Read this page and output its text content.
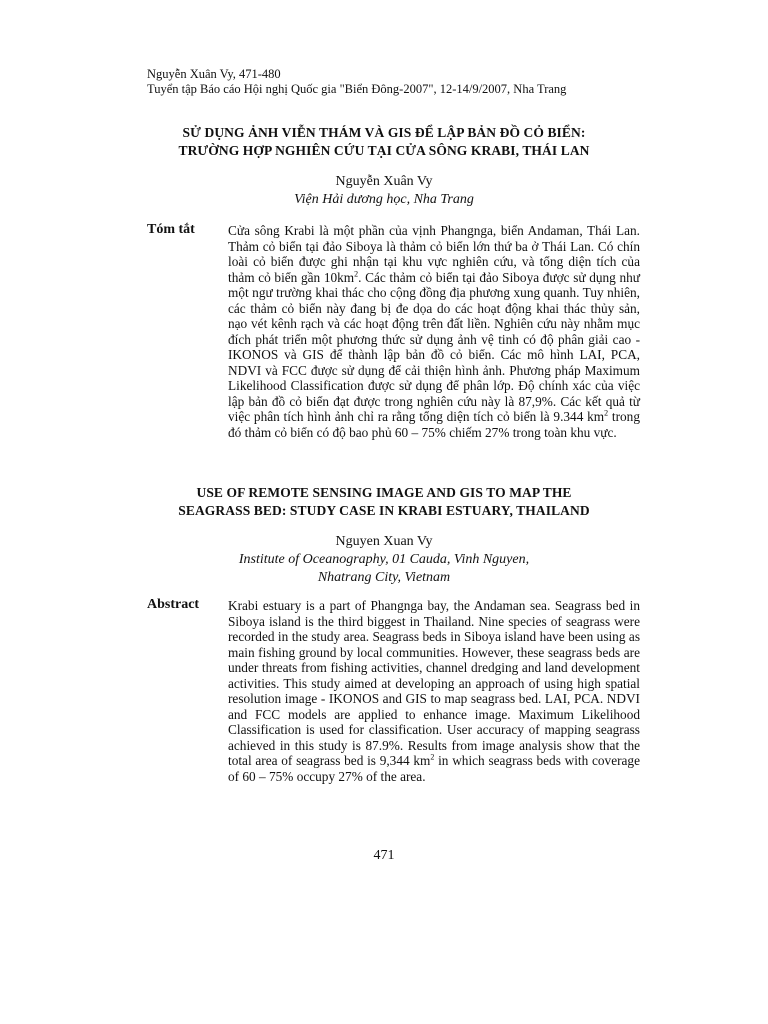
Nguyễn Xuân Vy, 471-480
Tuyển tập Báo cáo Hội nghị Quốc gia "Biển Đông-2007", 12-14/9/2007, Nha Trang
SỬ DỤNG ẢNH VIỄN THÁM VÀ GIS ĐỂ LẬP BẢN ĐỒ CỎ BIỂN:
TRƯỜNG HỢP NGHIÊN CỨU TẠI CỬA SÔNG KRABI, THÁI LAN
Nguyễn Xuân Vy
Viện Hải dương học, Nha Trang
Tóm tắt Cửa sông Krabi là một phần của vịnh Phangnga, biển Andaman, Thái Lan. Thảm cỏ biển tại đảo Siboya là thảm cỏ biển lớn thứ ba ở Thái Lan. Có chín loài cỏ biển được ghi nhận tại khu vực nghiên cứu, và tổng diện tích của thảm cỏ biển gần $10km^2$. Các thảm cỏ biển tại đảo Siboya được sử dụng như một ngư trường khai thác cho cộng đồng địa phương xung quanh. Tuy nhiên, các thảm cỏ biển này đang bị đe dọa do các hoạt động khai thác thủy sản, nạo vét kênh rạch và các hoạt động trên đất liền. Nghiên cứu này nhằm mục đích phát triển một phương thức sử dụng ảnh vệ tinh có độ phân giải cao - IKONOS và GIS để thành lập bản đồ cỏ biển. Các mô hình LAI, PCA, NDVI và FCC được sử dụng để cải thiện hình ảnh. Phương pháp Maximum Likelihood Classification được sử dụng để phân lớp. Độ chính xác của việc lập bản đồ cỏ biển đạt được trong nghiên cứu này là 87,9%. Các kết quả từ việc phân tích hình ảnh chỉ ra rằng tổng diện tích cỏ biển là 9.344 $km^2$ trong đó thảm cỏ biển có độ bao phủ 60 – 75% chiếm 27% trong toàn khu vực.

USE OF REMOTE SENSING IMAGE AND GIS TO MAP THE
SEAGRASS BED: STUDY CASE IN KRABI ESTUARY, THAILAND
Nguyen Xuan Vy
Institute of Oceanography, 01 Cauda, Vinh Nguyen,
Nhatrang City, Vietnam
Abstract Krabi estuary is a part of Phangnga bay, the Andaman sea. Seagrass bed in Siboya island is the third biggest in Thailand. Nine species of seagrass were recorded in the study area. Seagrass beds in Siboya island have been using as main fishing ground by local communities. However, these seagrass beds are under threats from fishing activities, channel dredging and land development activities. This study aimed at developing an approach of using high spatial resolution image - IKONOS and GIS to map seagrass bed. LAI, PCA. NDVI and FCC models are applied to enhance image. Maximum Likelihood Classification is used for classification. User accuracy of mapping seagrass achieved in this study is 87.9%. Results from image analysis show that the total area of seagrass bed is 9,344 $km^2$ in which seagrass beds with coverage of 60 – 75% occupy 27% of the area.

471
